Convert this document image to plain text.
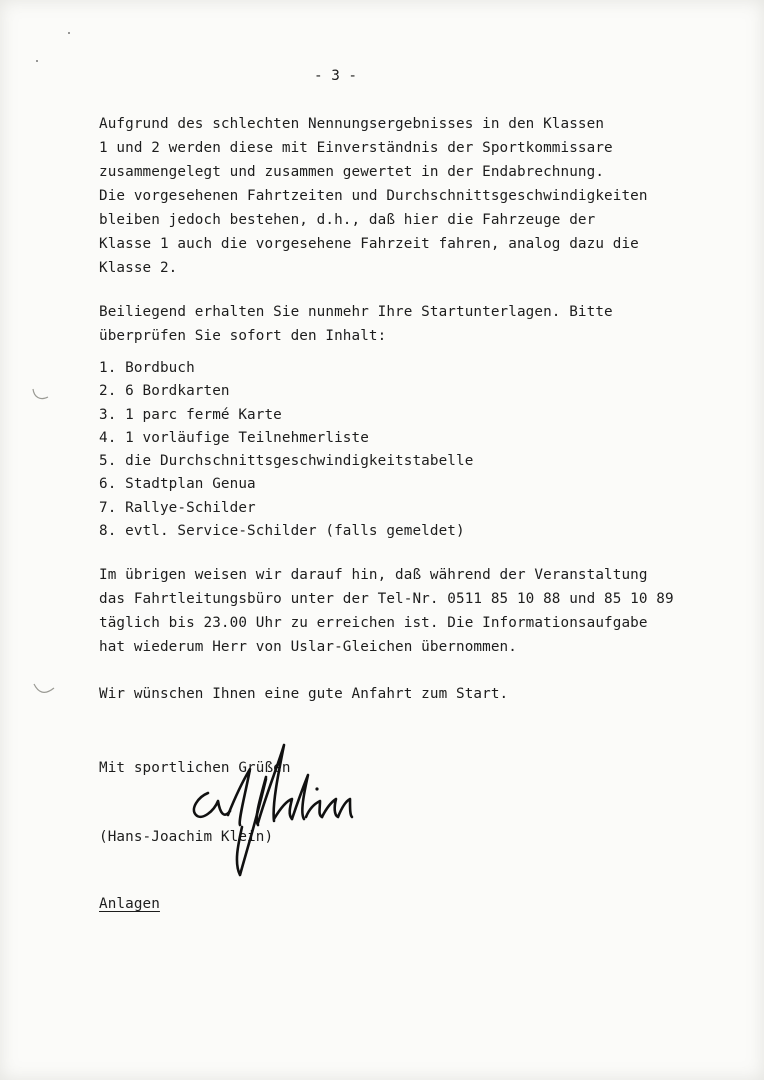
- 3 -
Aufgrund des schlechten Nennungsergebnisses in den Klassen
1 und 2 werden diese mit Einverständnis der Sportkommissare
zusammengelegt und zusammen gewertet in der Endabrechnung.
Die vorgesehenen Fahrtzeiten und Durchschnittsgeschwindigkeiten
bleiben jedoch bestehen, d.h., daß hier die Fahrzeuge der
Klasse 1 auch die vorgesehene Fahrzeit fahren, analog dazu die
Klasse 2.
Beiliegend erhalten Sie nunmehr Ihre Startunterlagen. Bitte
überprüfen Sie sofort den Inhalt:
1. Bordbuch
2. 6 Bordkarten
3. 1 parc fermé Karte
4. 1 vorläufige Teilnehmerliste
5. die Durchschnittsgeschwindigkeitstabelle
6. Stadtplan Genua
7. Rallye-Schilder
8. evtl. Service-Schilder (falls gemeldet)
Im übrigen weisen wir darauf hin, daß während der Veranstaltung
das Fahrtleitungsbüro unter der Tel-Nr. 0511 85 10 88 und 85 10 89
täglich bis 23.00 Uhr zu erreichen ist. Die Informationsaufgabe
hat wiederum Herr von Uslar-Gleichen übernommen.
Wir wünschen Ihnen eine gute Anfahrt zum Start.
Mit sportlichen Grüßen
(Hans-Joachim Klein)
Anlagen
